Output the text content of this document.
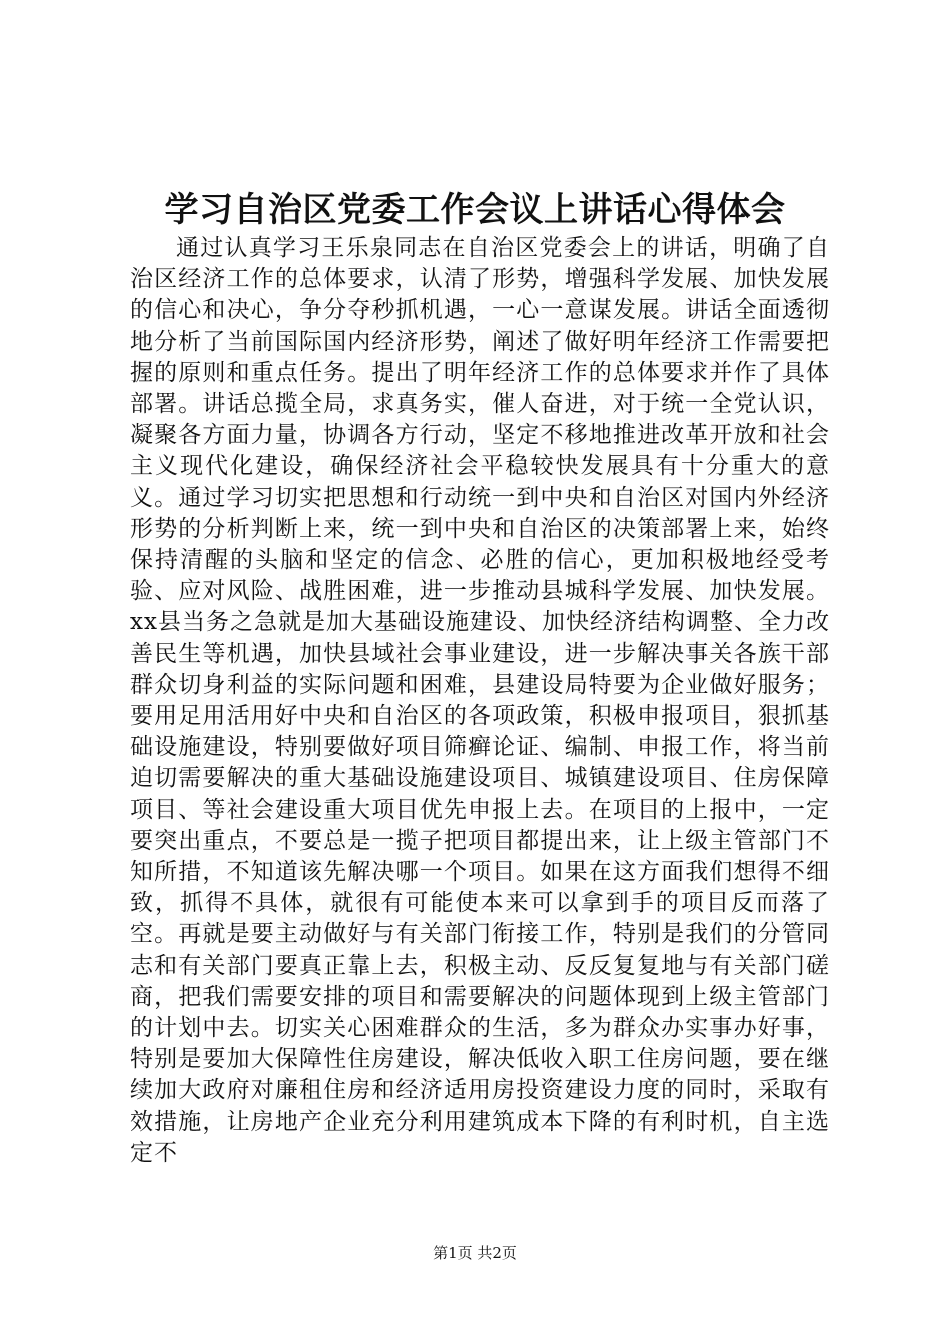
学习自治区党委工作会议上讲话心得体会

通过认真学习王乐泉同志在自治区党委会上的讲话，明确了自治区经济工作的总体要求，认清了形势，增强科学发展、加快发展的信心和决心，争分夺秒抓机遇，一心一意谋发展。讲话全面透彻地分析了当前国际国内经济形势，阐述了做好明年经济工作需要把握的原则和重点任务。提出了明年经济工作的总体要求并作了具体部署。讲话总揽全局，求真务实，催人奋进，对于统一全党认识，凝聚各方面力量，协调各方行动，坚定不移地推进改革开放和社会主义现代化建设，确保经济社会平稳较快发展具有十分重大的意义。通过学习切实把思想和行动统一到中央和自治区对国内外经济形势的分析判断上来，统一到中央和自治区的决策部署上来，始终保持清醒的头脑和坚定的信念、必胜的信心，更加积极地经受考验、应对风险、战胜困难，进一步推动县城科学发展、加快发展。xx县当务之急就是加大基础设施建设、加快经济结构调整、全力改善民生等机遇，加快县域社会事业建设，进一步解决事关各族干部群众切身利益的实际问题和困难，县建设局特要为企业做好服务；要用足用活用好中央和自治区的各项政策，积极申报项目，狠抓基础设施建设，特别要做好项目筛癣论证、编制、申报工作，将当前迫切需要解决的重大基础设施建设项目、城镇建设项目、住房保障项目、等社会建设重大项目优先申报上去。在项目的上报中，一定要突出重点，不要总是一揽子把项目都提出来，让上级主管部门不知所措，不知道该先解决哪一个项目。如果在这方面我们想得不细致，抓得不具体，就很有可能使本来可以拿到手的项目反而落了空。再就是要主动做好与有关部门衔接工作，特别是我们的分管同志和有关部门要真正靠上去，积极主动、反反复复地与有关部门磋商，把我们需要安排的项目和需要解决的问题体现到上级主管部门的计划中去。切实关心困难群众的生活，多为群众办实事办好事，特别是要加大保障性住房建设，解决低收入职工住房问题，要在继续加大政府对廉租住房和经济适用房投资建设力度的同时，采取有效措施，让房地产企业充分利用建筑成本下降的有利时机，自主选定不

第1页 共2页
